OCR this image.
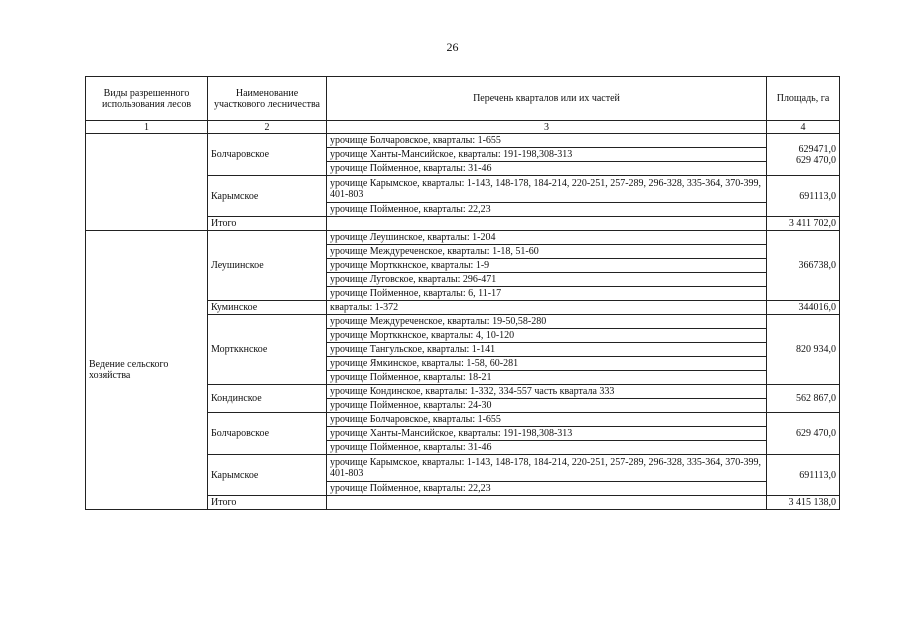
26
Виды разрешенного использования лесов	Наименование участкового лесничества	Перечень кварталов или их частей	Площадь, га
1	2	3	4
	Болчаровское	урочище Болчаровское, кварталы: 1-655	629471,0
629 470,0

		урочище Ханты-Мансийское, кварталы: 191-198,308-313	
		урочище Пойменное, кварталы: 31-46	
	Карымское	урочище Карымское, кварталы: 1-143, 148-178, 184-214, 220-251, 257-289, 296-328, 335-364, 370-399, 401-803	691113,0

		урочище Пойменное, кварталы: 22,23	
	Итого		3 411 702,0
Ведение сельского хозяйства	Леушинское	урочище Леушинское, кварталы: 1-204	366738,0

		урочище Междуреченское, кварталы: 1-18, 51-60	
		урочище Мортккнское, кварталы: 1-9	
		урочище Луговское, кварталы: 296-471	
		урочище Пойменное, кварталы: 6, 11-17	
	Куминское	кварталы: 1-372	344016,0

	Мортккнское	урочище Междуреченское, кварталы: 19-50,58-280	820 934,0

		урочище Мортккнское, кварталы: 4, 10-120	
		урочище Тангульское, кварталы: 1-141	
		урочище Ямкинское, кварталы: 1-58, 60-281	
		урочище Пойменное, кварталы: 18-21	
	Кондинское	урочище Кондинское, кварталы: 1-332, 334-557 часть квартала 333	562 867,0

		урочище Пойменное, кварталы: 24-30	
	Болчаровское	урочище Болчаровское, кварталы: 1-655	629 470,0

		урочище Ханты-Мансийское, кварталы: 191-198,308-313	
		урочище Пойменное, кварталы: 31-46	
	Карымское	урочище Карымское, кварталы: 1-143, 148-178, 184-214, 220-251, 257-289, 296-328, 335-364, 370-399, 401-803	691113,0

		урочище Пойменное, кварталы: 22,23	
	Итого		3 415 138,0
